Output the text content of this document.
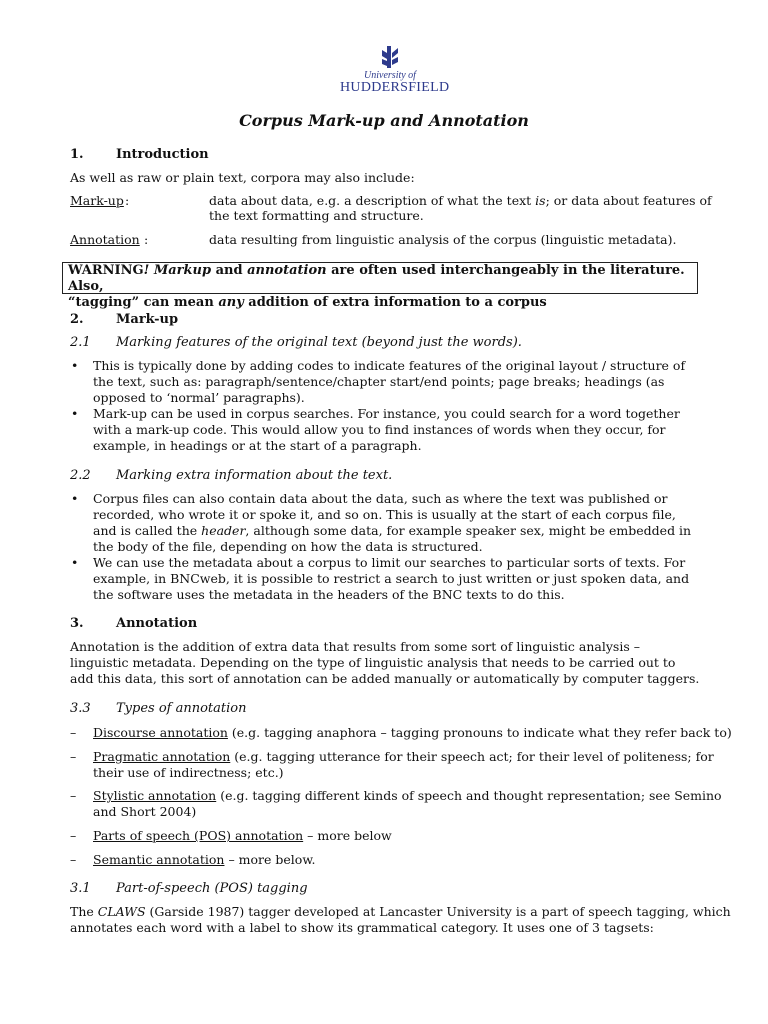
University of
HUDDERSFIELD
Corpus Mark-up and Annotation
1. Introduction
As well as raw or plain text, corpora may also include:
Mark-up :	data about data, e.g. a description of what the text is; or data about features of
the text formatting and structure.
Annotation :	data resulting from linguistic analysis of the corpus (linguistic metadata).
WARNING! Markup and annotation are often used interchangeably in the literature. Also,
“tagging” can mean any addition of extra information to a corpus
2. Mark-up
2.1 Marking features of the original text (beyond just the words).
• This is typically done by adding codes to indicate features of the original layout / structure of the text, such as: paragraph/sentence/chapter start/end points; page breaks; headings (as opposed to ‘normal’ paragraphs).
• Mark-up can be used in corpus searches. For instance, you could search for a word together with a mark-up code. This would allow you to find instances of words when they occur, for example, in headings or at the start of a paragraph.
2.2 Marking extra information about the text.
• Corpus files can also contain data about the data, such as where the text was published or recorded, who wrote it or spoke it, and so on. This is usually at the start of each corpus file, and is called the header, although some data, for example speaker sex, might be embedded in the body of the file, depending on how the data is structured.
• We can use the metadata about a corpus to limit our searches to particular sorts of texts. For example, in BNCweb, it is possible to restrict a search to just written or just spoken data, and the software uses the metadata in the headers of the BNC texts to do this.
3. Annotation
Annotation is the addition of extra data that results from some sort of linguistic analysis – linguistic metadata. Depending on the type of linguistic analysis that needs to be carried out to add this data, this sort of annotation can be added manually or automatically by computer taggers.
3.3 Types of annotation
– Discourse annotation (e.g. tagging anaphora – tagging pronouns to indicate what they refer back to)
– Pragmatic annotation (e.g. tagging utterance for their speech act; for their level of politeness; for
their use of indirectness; etc.)
– Stylistic annotation (e.g. tagging different kinds of speech and thought representation; see Semino
and Short 2004)
– Parts of speech (POS) annotation – more below
– Semantic annotation – more below.
3.1 Part-of-speech (POS) tagging
The CLAWS (Garside 1987) tagger developed at Lancaster University is a part of speech tagging, which
annotates each word with a label to show its grammatical category. It uses one of 3 tagsets:
